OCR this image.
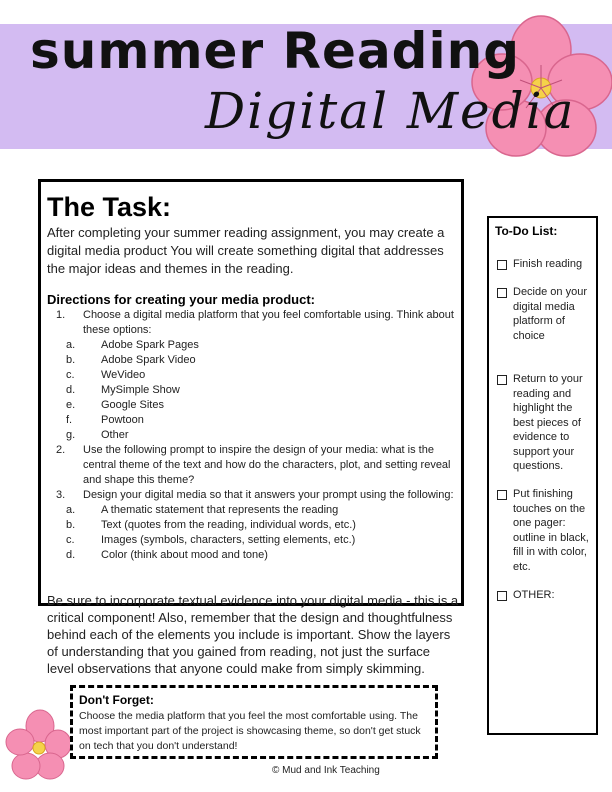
summer Reading
Digital Media
The Task:
After completing your summer reading assignment, you may create a digital media product You will create something digital that addresses the major ideas and themes in the reading.
Directions for creating your media product:
1. Choose a digital media platform that you feel comfortable using. Think about these options:
a. Adobe Spark Pages
b. Adobe Spark Video
c. WeVideo
d. MySimple Show
e. Google Sites
f.	Powtoon
g. Other
2. Use the following prompt to inspire the design of your media: what is the central theme of the text and how do the characters, plot, and setting reveal and shape this theme?
3. Design your digital media so that it answers your prompt using the following:
a. A thematic statement that represents the reading
b. Text (quotes from the reading, individual words, etc.)
c. Images (symbols, characters, setting elements, etc.)
d. Color (think about mood and tone)
Be sure to incorporate textual evidence into your digital media - this is a critical component! Also, remember that the design and thoughtfulness behind each of the elements you include is important. Show the layers of understanding that you gained from reading, not just the surface level observations that anyone could make from simply skimming.
Don't Forget:
Choose the media platform that you feel the most comfortable using. The most important part of the project is showcasing theme, so don't get stuck on tech that you don't understand!
To-Do List:
Finish reading
Decide on your digital media platform of choice
Return to your reading and highlight the best pieces of evidence to support your questions.
Put finishing touches on the one pager: outline in black, fill in with color, etc.
OTHER:
© Mud and Ink Teaching
